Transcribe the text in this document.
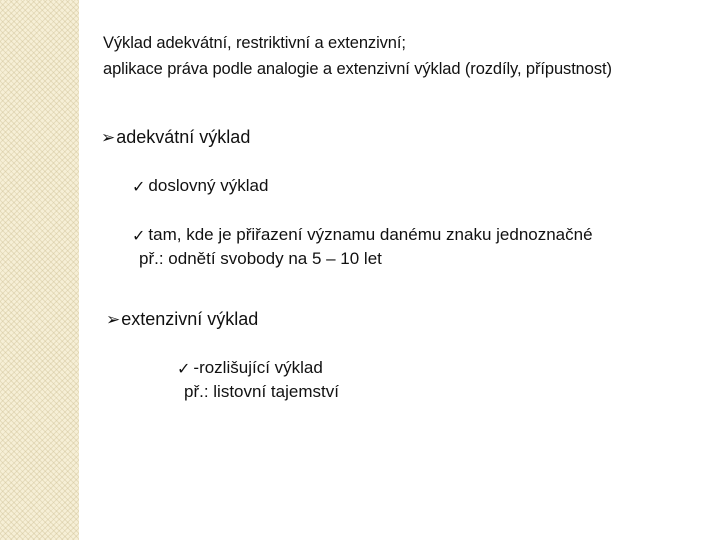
Výklad adekvátní, restriktivní a extenzivní;
aplikace práva podle analogie a extenzivní výklad (rozdíly, přípustnost)
➢ adekvátní výklad
✓ doslovný výklad
✓ tam, kde je přiřazení významu danému znaku jednoznačné
př.: odnětí svobody na 5 – 10 let
➢ extenzivní výklad
✓ -rozlišující výklad
př.: listovní tajemství
